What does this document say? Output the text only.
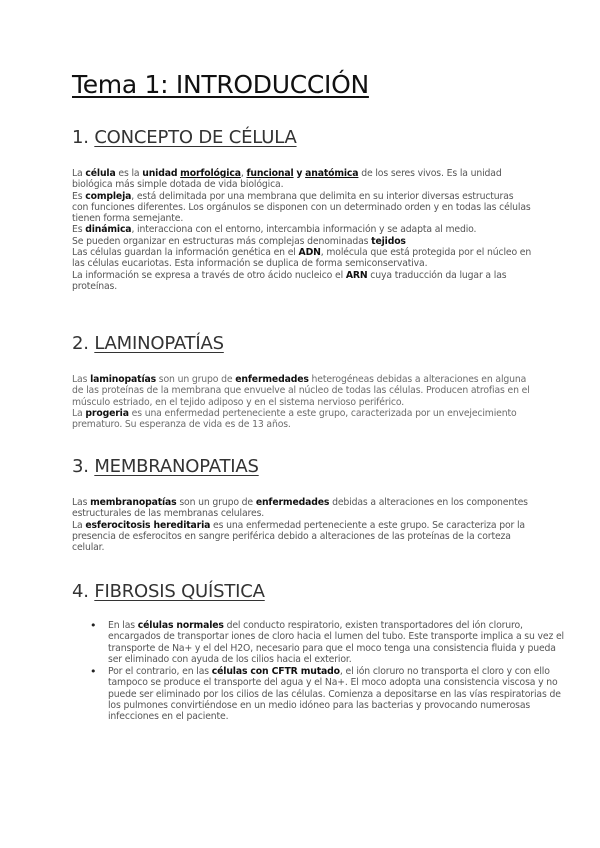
Tema 1: INTRODUCCIÓN
1. CONCEPTO DE CÉLULA
La célula es la unidad morfológica, funcional y anatómica de los seres vivos. Es la unidad biológica más simple dotada de vida biológica.
Es compleja, está delimitada por una membrana que delimita en su interior diversas estructuras con funciones diferentes. Los orgánulos se disponen con un determinado orden y en todas las células tienen forma semejante.
Es dinámica, interacciona con el entorno, intercambia información y se adapta al medio.
Se pueden organizar en estructuras más complejas denominadas tejidos
Las células guardan la información genética en el ADN, molécula que está protegida por el núcleo en las células eucariotas. Esta información se duplica de forma semiconservativa.
La información se expresa a través de otro ácido nucleico el ARN cuya traducción da lugar a las proteínas.
2. LAMINOPATÍAS
Las laminopatías son un grupo de enfermedades heterogéneas debidas a alteraciones en alguna de las proteínas de la membrana que envuelve al núcleo de todas las células. Producen atrofias en el músculo estriado, en el tejido adiposo y en el sistema nervioso periférico.
La progeria es una enfermedad perteneciente a este grupo, caracterizada por un envejecimiento prematuro. Su esperanza de vida es de 13 años.
3. MEMBRANOPATIAS
Las membranopatías son un grupo de enfermedades debidas a alteraciones en los componentes estructurales de las membranas celulares.
La esferocitosis hereditaria es una enfermedad perteneciente a este grupo. Se caracteriza por la presencia de esferocitos en sangre periférica debido a alteraciones de las proteínas de la corteza celular.
4. FIBROSIS QUÍSTICA
• En las células normales del conducto respiratorio, existen transportadores del ión cloruro, encargados de transportar iones de cloro hacia el lumen del tubo. Este transporte implica a su vez el transporte de Na+ y el del H2O, necesario para que el moco tenga una consistencia fluida y pueda ser eliminado con ayuda de los cilios hacia el exterior.
• Por el contrario, en las células con CFTR mutado, el ión cloruro no transporta el cloro y con ello tampoco se produce el transporte del agua y el Na+. El moco adopta una consistencia viscosa y no puede ser eliminado por los cilios de las células. Comienza a depositarse en las vías respiratorias de los pulmones convirtiéndose en un medio idóneo para las bacterias y provocando numerosas infecciones en el paciente.
